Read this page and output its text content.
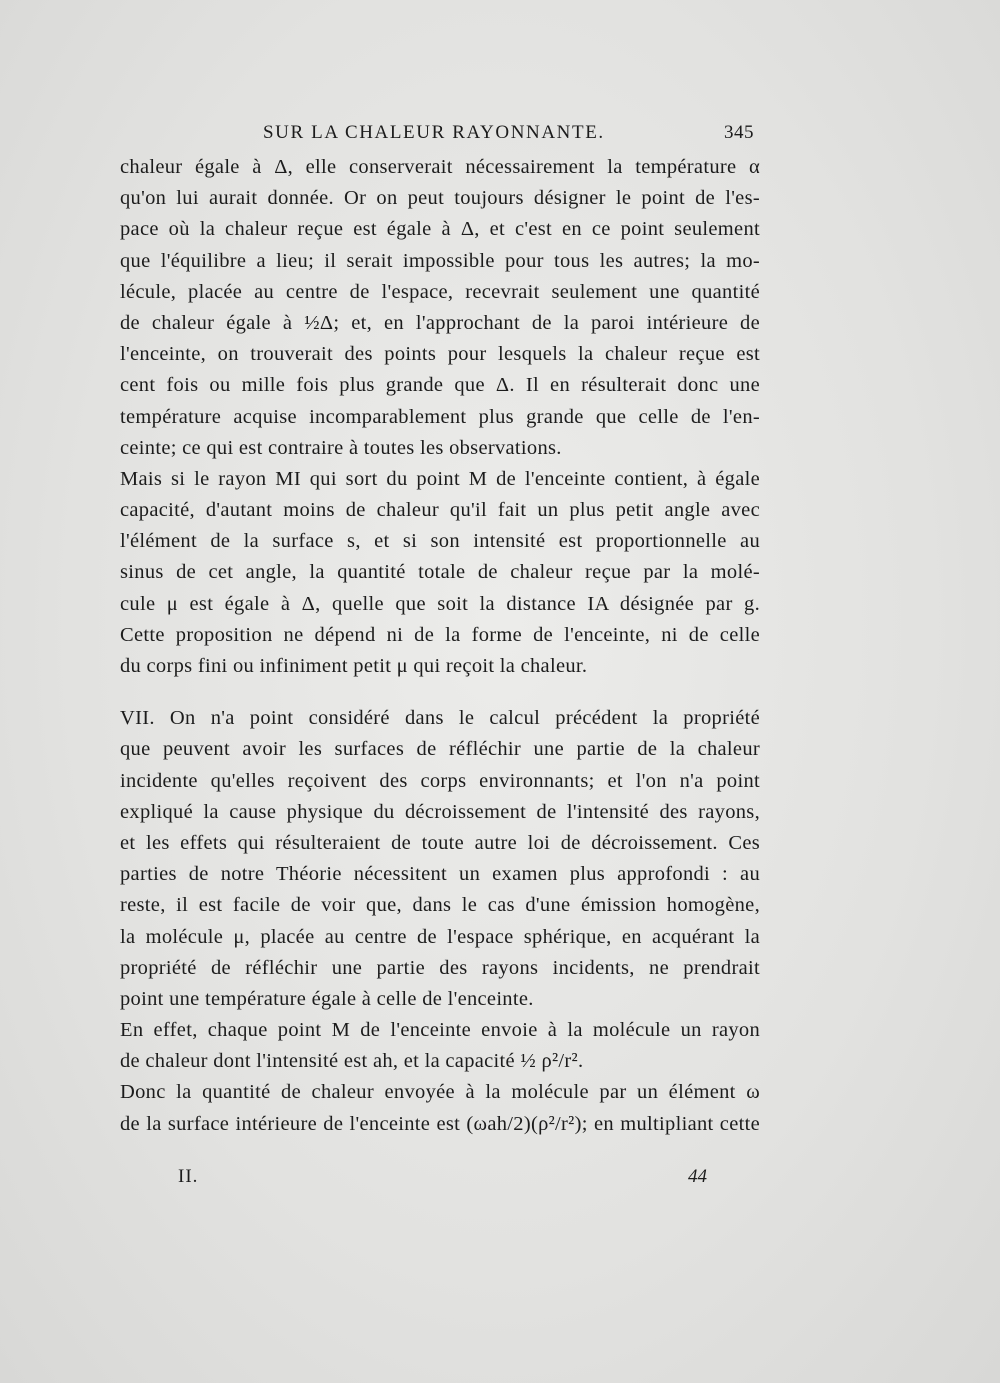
SUR LA CHALEUR RAYONNANTE.	345
chaleur égale à Δ, elle conserverait nécessairement la température α
qu'on lui aurait donnée. Or on peut toujours désigner le point de l'es-
pace où la chaleur reçue est égale à Δ, et c'est en ce point seulement
que l'équilibre a lieu; il serait impossible pour tous les autres; la mo-
lécule, placée au centre de l'espace, recevrait seulement une quantité
de chaleur égale à ½Δ; et, en l'approchant de la paroi intérieure de
l'enceinte, on trouverait des points pour lesquels la chaleur reçue est
cent fois ou mille fois plus grande que Δ. Il en résulterait donc une
température acquise incomparablement plus grande que celle de l'en-
ceinte; ce qui est contraire à toutes les observations.
Mais si le rayon MI qui sort du point M de l'enceinte contient, à égale
capacité, d'autant moins de chaleur qu'il fait un plus petit angle avec
l'élément de la surface s, et si son intensité est proportionnelle au
sinus de cet angle, la quantité totale de chaleur reçue par la molé-
cule μ est égale à Δ, quelle que soit la distance IA désignée par g.
Cette proposition ne dépend ni de la forme de l'enceinte, ni de celle
du corps fini ou infiniment petit μ qui reçoit la chaleur.
VII. On n'a point considéré dans le calcul précédent la propriété
que peuvent avoir les surfaces de réfléchir une partie de la chaleur
incidente qu'elles reçoivent des corps environnants; et l'on n'a point
expliqué la cause physique du décroissement de l'intensité des rayons,
et les effets qui résulteraient de toute autre loi de décroissement. Ces
parties de notre Théorie nécessitent un examen plus approfondi : au
reste, il est facile de voir que, dans le cas d'une émission homogène,
la molécule μ, placée au centre de l'espace sphérique, en acquérant la
propriété de réfléchir une partie des rayons incidents, ne prendrait
point une température égale à celle de l'enceinte.
En effet, chaque point M de l'enceinte envoie à la molécule un rayon
de chaleur dont l'intensité est ah, et la capacité ½ ρ²/r².
Donc la quantité de chaleur envoyée à la molécule par un élément ω
de la surface intérieure de l'enceinte est (ωah/2)(ρ²/r²); en multipliant cette
II.	44
